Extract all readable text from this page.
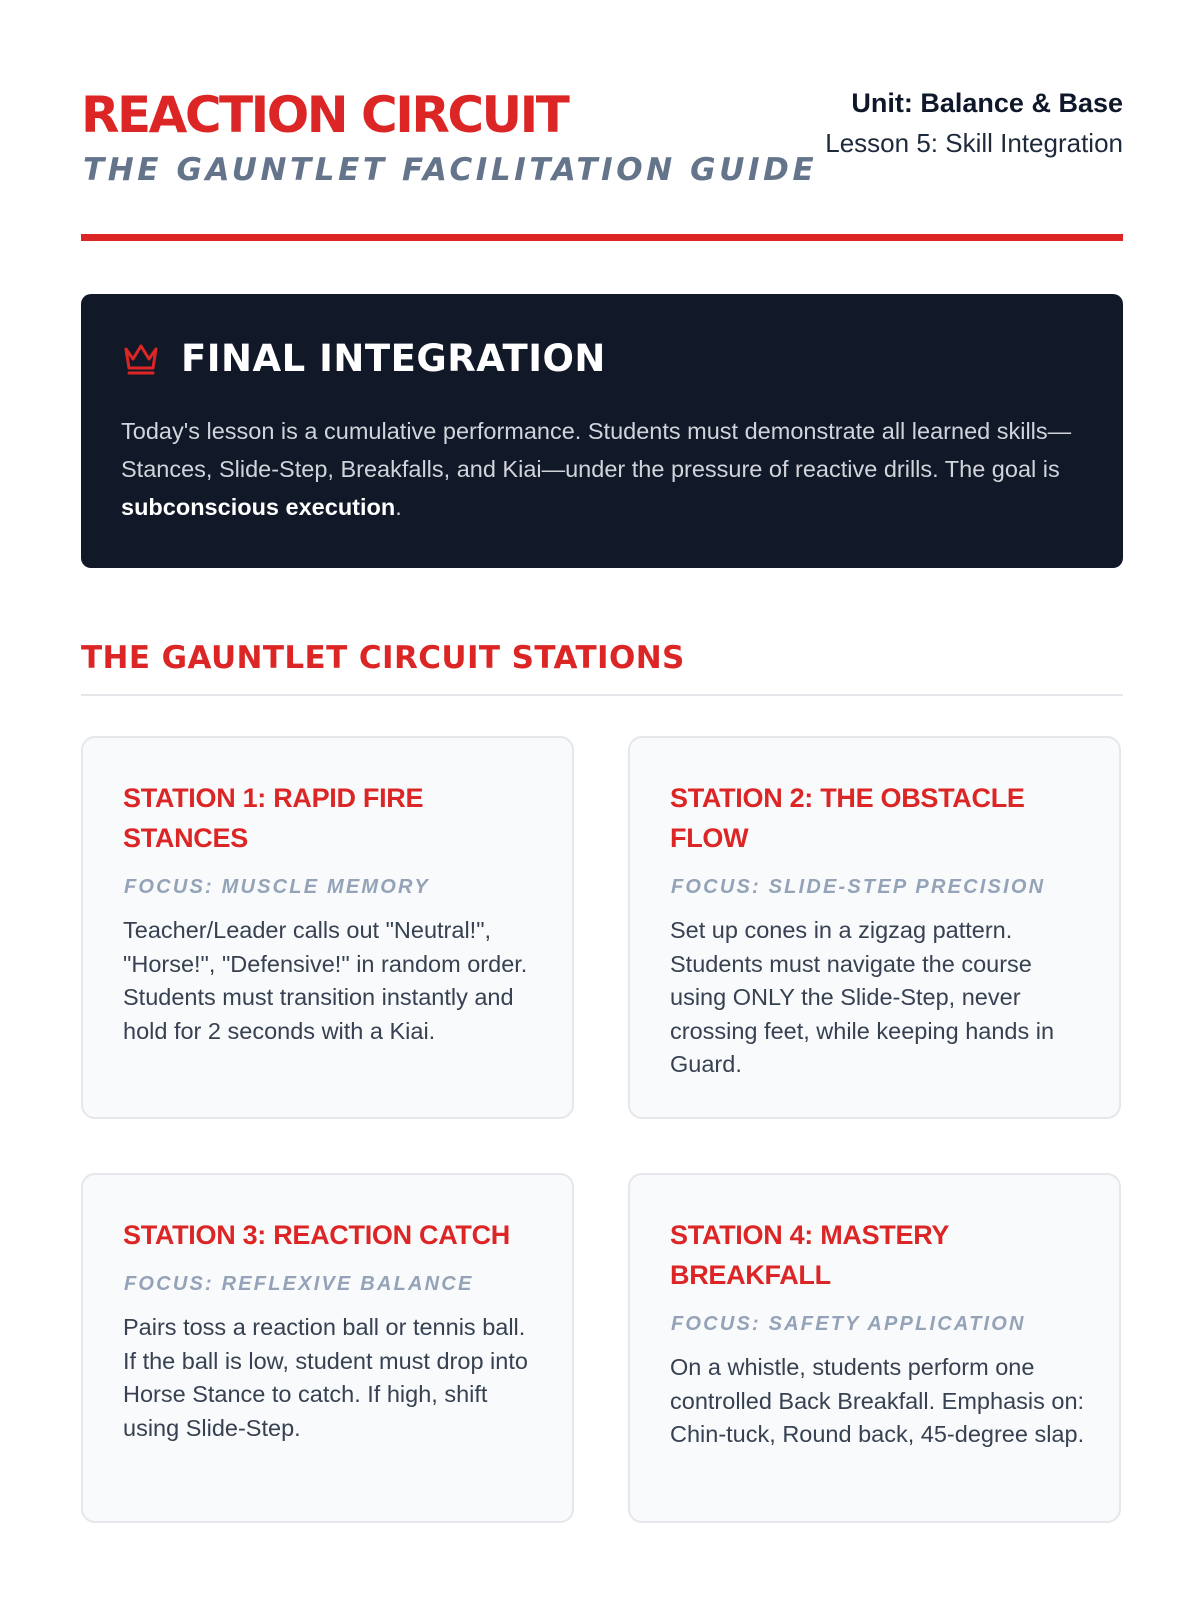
REACTION CIRCUIT
THE GAUNTLET FACILITATION GUIDE
Unit: Balance & Base
Lesson 5: Skill Integration
FINAL INTEGRATION

Today's lesson is a cumulative performance. Students must demonstrate all learned skills—Stances, Slide-Step, Breakfalls, and Kiai—under the pressure of reactive drills. The goal is subconscious execution.

THE GAUNTLET CIRCUIT STATIONS
STATION 1: RAPID FIRE STANCES
FOCUS: MUSCLE MEMORY

Teacher/Leader calls out "Neutral!", "Horse!", "Defensive!" in random order. Students must transition instantly and hold for 2 seconds with a Kiai.

STATION 2: THE OBSTACLE FLOW
FOCUS: SLIDE-STEP PRECISION

Set up cones in a zigzag pattern. Students must navigate the course using ONLY the Slide-Step, never crossing feet, while keeping hands in Guard.

STATION 3: REACTION CATCH
FOCUS: REFLEXIVE BALANCE

Pairs toss a reaction ball or tennis ball. If the ball is low, student must drop into Horse Stance to catch. If high, shift using Slide-Step.

STATION 4: MASTERY BREAKFALL
FOCUS: SAFETY APPLICATION

On a whistle, students perform one controlled Back Breakfall. Emphasis on: Chin-tuck, Round back, 45-degree slap.
